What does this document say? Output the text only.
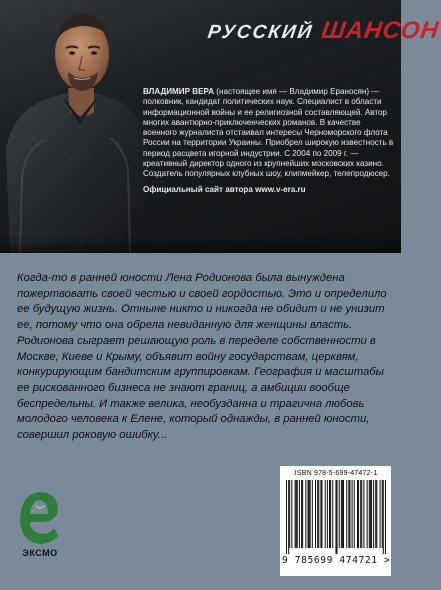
РУССКИЙ ШАНСОН
ВЛАДИМИР ВЕРА (настоящее имя — Владимир Ераносян) — полковник, кандидат политических наук. Специалист в области информационной войны и ее религиозной составляющей. Автор многих авантюрно-приключенческих романов. В качестве военного журналиста отстаивал интересы Черноморского флота России на территории Украины. Приобрел широкую известность в период расцвета игорной индустрии. С 2004 по 2009 г. — креативный директор одного из крупнейших московских казино. Создатель популярных клубных шоу, клипмейкер, телепродюсер.
Официальный сайт автора www.v-era.ru

Когда-то в ранней юности Лена Родионова была вынуждена пожертвовать своей честью и своей гордостью. Это и определило ее будущую жизнь. Отныне никто и никогда не обидит и не унизит ее, потому что она обрела невиданную для женщины власть. Родионова сыграет решающую роль в переделе собственности в Москве, Киеве и Крыму, объявит войну государствам, церквям, конкурирующим бандитским группировкам. География и масштабы ее рискованного бизнеса не знают границ, а амбиции вообще беспредельны. И также велика, необузданна и трагична любовь молодого человека к Елене, который однажды, в ранней юности, совершил роковую ошибку...

ЭКСМО
ISBN 978-5-699-47472-1
9 785699 474721 >
